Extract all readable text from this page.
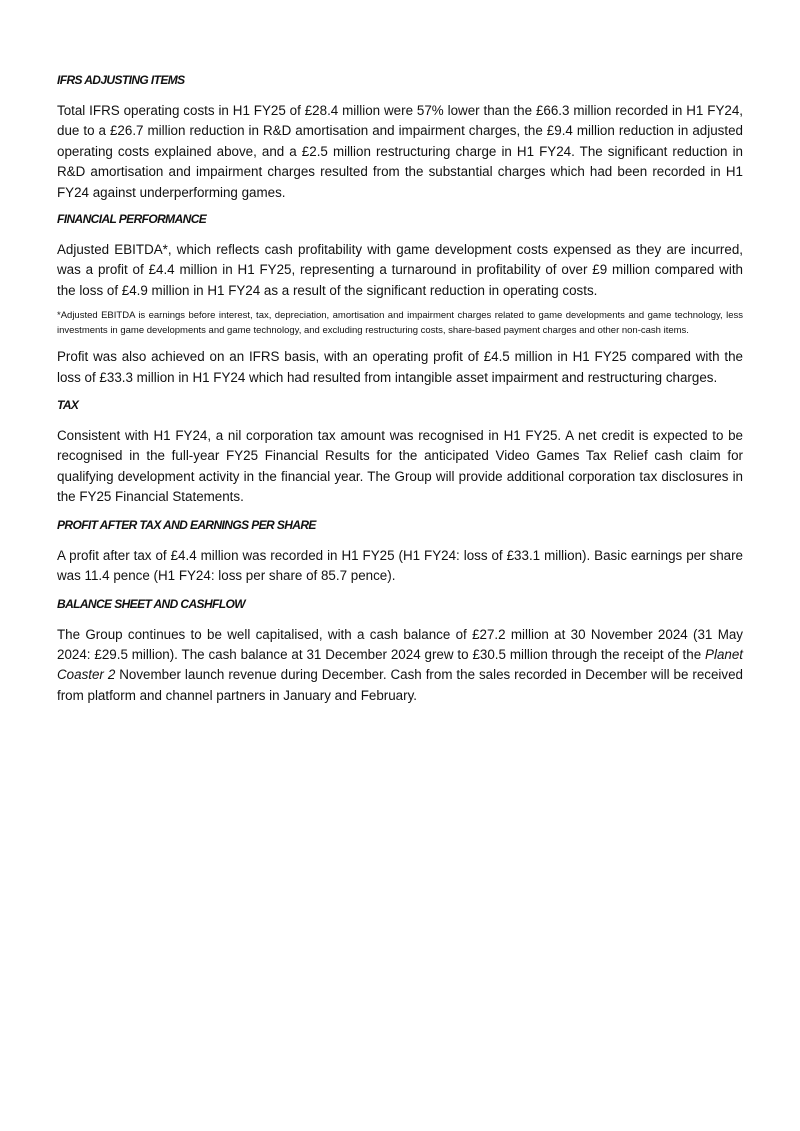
IFRS ADJUSTING ITEMS

Total IFRS operating costs in H1 FY25 of £28.4 million were 57% lower than the £66.3 million recorded in H1 FY24, due to a £26.7 million reduction in R&D amortisation and impairment charges, the £9.4 million reduction in adjusted operating costs explained above, and a £2.5 million restructuring charge in H1 FY24. The significant reduction in R&D amortisation and impairment charges resulted from the substantial charges which had been recorded in H1 FY24 against underperforming games.

FINANCIAL PERFORMANCE

Adjusted EBITDA*, which reflects cash profitability with game development costs expensed as they are incurred, was a profit of £4.4 million in H1 FY25, representing a turnaround in profitability of over £9 million compared with the loss of £4.9 million in H1 FY24 as a result of the significant reduction in operating costs.

*Adjusted EBITDA is earnings before interest, tax, depreciation, amortisation and impairment charges related to game developments and game technology, less investments in game developments and game technology, and excluding restructuring costs, share-based payment charges and other non-cash items.

Profit was also achieved on an IFRS basis, with an operating profit of £4.5 million in H1 FY25 compared with the loss of £33.3 million in H1 FY24 which had resulted from intangible asset impairment and restructuring charges.

TAX

Consistent with H1 FY24, a nil corporation tax amount was recognised in H1 FY25. A net credit is expected to be recognised in the full-year FY25 Financial Results for the anticipated Video Games Tax Relief cash claim for qualifying development activity in the financial year. The Group will provide additional corporation tax disclosures in the FY25 Financial Statements.

PROFIT AFTER TAX AND EARNINGS PER SHARE

A profit after tax of £4.4 million was recorded in H1 FY25 (H1 FY24: loss of £33.1 million). Basic earnings per share was 11.4 pence (H1 FY24: loss per share of 85.7 pence).

BALANCE SHEET AND CASHFLOW

The Group continues to be well capitalised, with a cash balance of £27.2 million at 30 November 2024 (31 May 2024: £29.5 million). The cash balance at 31 December 2024 grew to £30.5 million through the receipt of the Planet Coaster 2 November launch revenue during December. Cash from the sales recorded in December will be received from platform and channel partners in January and February.
